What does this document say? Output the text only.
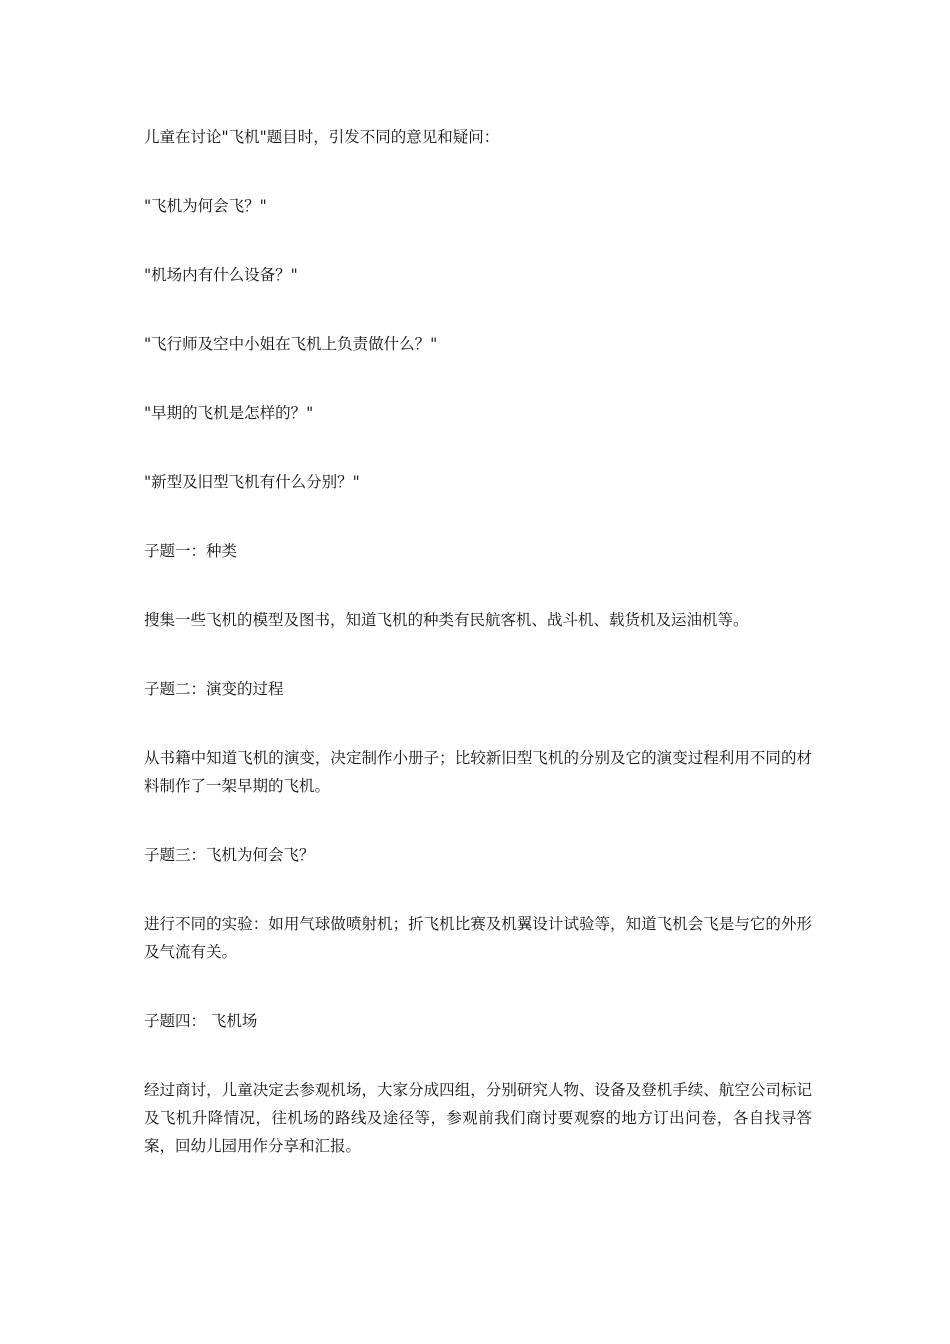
儿童在讨论"飞机"题目时，引发不同的意见和疑问：

"飞机为何会飞？"

"机场内有什么设备？"

"飞行师及空中小姐在飞机上负责做什么？"

"早期的飞机是怎样的？"

"新型及旧型飞机有什么分别？"

子题一：种类

搜集一些飞机的模型及图书，知道飞机的种类有民航客机、战斗机、载货机及运油机等。

子题二：演变的过程

从书籍中知道飞机的演变，决定制作小册子；比较新旧型飞机的分别及它的演变过程利用不同的材料制作了一架早期的飞机。

子题三：飞机为何会飞？

进行不同的实验：如用气球做喷射机；折飞机比赛及机翼设计试验等，知道飞机会飞是与它的外形及气流有关。

子题四： 飞机场

经过商讨，儿童决定去参观机场，大家分成四组，分别研究人物、设备及登机手续、航空公司标记及飞机升降情况，往机场的路线及途径等，参观前我们商讨要观察的地方订出问卷，各自找寻答案，回幼儿园用作分享和汇报。
